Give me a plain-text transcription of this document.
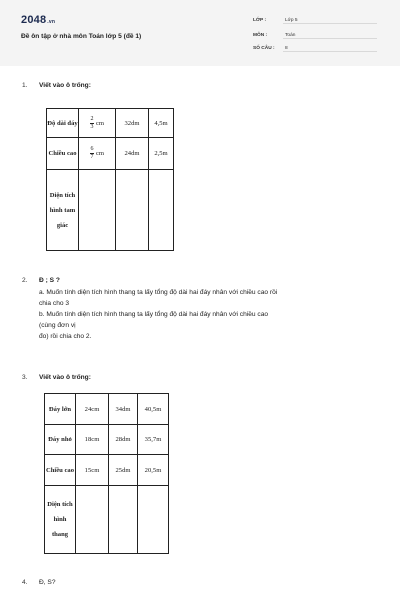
2048.vn
Đề ôn tập ở nhà môn Toán lớp 5 (đề 1)
LỚP :	Lớp 5
MÔN :	Toán
SỐ CÂU : 8
1. Viết vào ô trống:
Độ dài đáy	$\frac{2}{3}$ cm	32dm	4,5m
Chiều cao	$\frac{6}{7}$ cm	24dm	2,5m
Diện tích hình tam giác			
2. Đ ; S ?
a. Muốn tính diện tích hình thang ta lấy tổng độ dài hai đáy nhân với chiều cao rồi
chia cho 3
b. Muốn tính diện tích hình thang ta lấy tổng độ dài hai đáy nhân với chiều cao
(cùng đơn vị
đo) rồi chia cho 2.
3. Viết vào ô trống:
Đáy lớn	24cm	34dm	40,5m
Đáy nhỏ	18cm	28dm	35,7m
Chiều cao	15cm	25dm	20,5m
Diện tích hình thang			
4. Đ, S?
